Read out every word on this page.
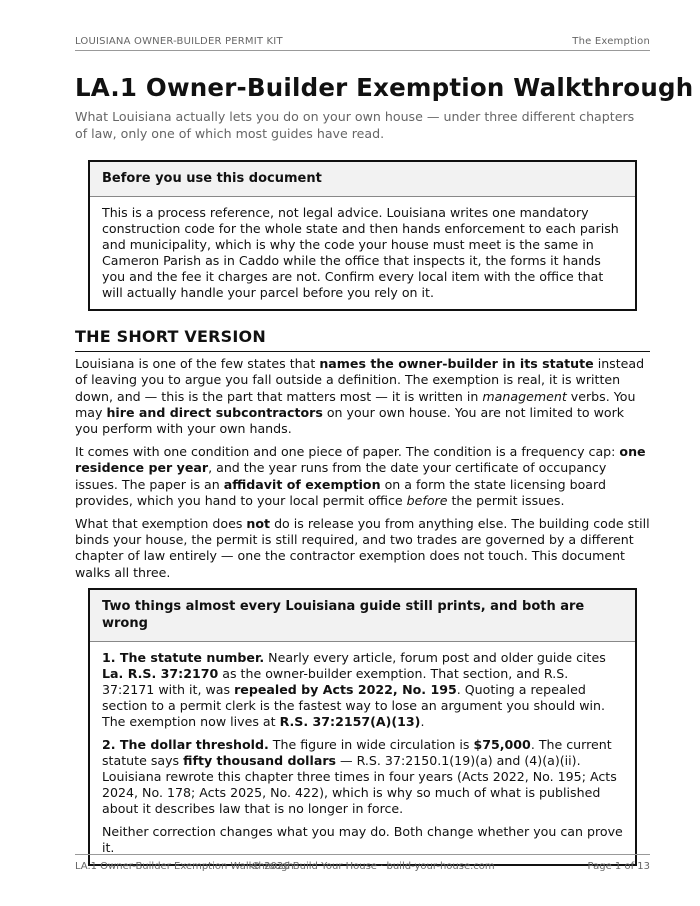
LOUISIANA OWNER-BUILDER PERMIT KIT	The Exemption
LA.1 Owner-Builder Exemption Walkthrough

What Louisiana actually lets you do on your own house — under three different chapters of law, only one of which most guides have read.

Before you use this document

This is a process reference, not legal advice. Louisiana writes one mandatory construction code for the whole state and then hands enforcement to each parish and municipality, which is why the code your house must meet is the same in Cameron Parish as in Caddo while the office that inspects it, the forms it hands you and the fee it charges are not. Confirm every local item with the office that will actually handle your parcel before you rely on it.

THE SHORT VERSION

Louisiana is one of the few states that names the owner-builder in its statute instead of leaving you to argue you fall outside a definition. The exemption is real, it is written down, and — this is the part that matters most — it is written in management verbs. You may hire and direct subcontractors on your own house. You are not limited to work you perform with your own hands.

It comes with one condition and one piece of paper. The condition is a frequency cap: one residence per year, and the year runs from the date your certificate of occupancy issues. The paper is an affidavit of exemption on a form the state licensing board provides, which you hand to your local permit office before the permit issues.

What that exemption does not do is release you from anything else. The building code still binds your house, the permit is still required, and two trades are governed by a different chapter of law entirely — one the contractor exemption does not touch. This document walks all three.

Two things almost every Louisiana guide still prints, and both are wrong

1. The statute number. Nearly every article, forum post and older guide cites La. R.S. 37:2170 as the owner-builder exemption. That section, and R.S. 37:2171 with it, was repealed by Acts 2022, No. 195. Quoting a repealed section to a permit clerk is the fastest way to lose an argument you should win. The exemption now lives at R.S. 37:2157(A)(13).

2. The dollar threshold. The figure in wide circulation is $75,000. The current statute says fifty thousand dollars — R.S. 37:2150.1(19)(a) and (4)(a)(ii). Louisiana rewrote this chapter three times in four years (Acts 2022, No. 195; Acts 2024, No. 178; Acts 2025, No. 422), which is why so much of what is published about it describes law that is no longer in force.

Neither correction changes what you may do. Both change whether you can prove it.

LA.1 Owner-Builder Exemption Walkthrough
© 2026 Build Your House · build-your-house.com	Page 1 of 13
